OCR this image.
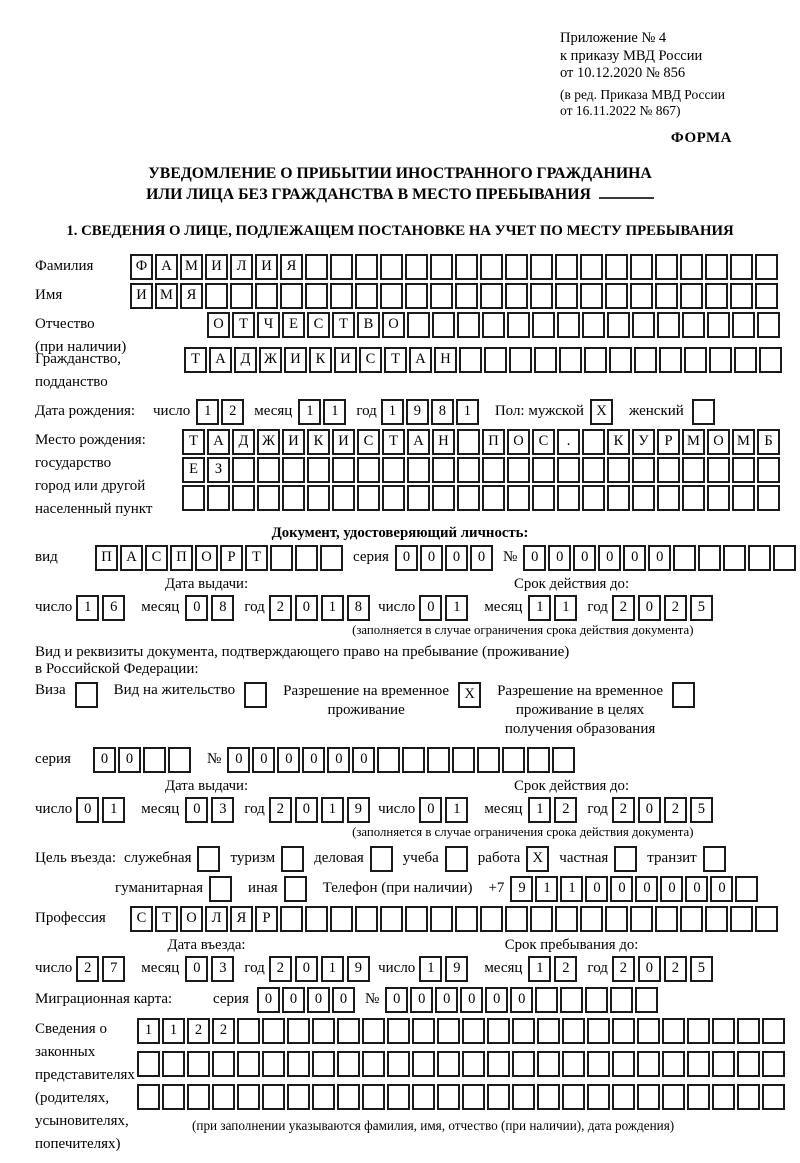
Приложение № 4
к приказу МВД России
от 10.12.2020 № 856
(в ред. Приказа МВД России
от 16.11.2022 № 867)
ФОРМА
УВЕДОМЛЕНИЕ О ПРИБЫТИИ ИНОСТРАННОГО ГРАЖДАНИНА
ИЛИ ЛИЦА БЕЗ ГРАЖДАНСТВА В МЕСТО ПРЕБЫВАНИЯ
1. СВЕДЕНИЯ О ЛИЦЕ, ПОДЛЕЖАЩЕМ ПОСТАНОВКЕ НА УЧЕТ ПО МЕСТУ ПРЕБЫВАНИЯ
Фамилия	Ф А М И	Л	И	Я
Имя	И М Я
Отчество
(при наличии)
О	Т	Ч	Е	С	Т	В	О
Гражданство,
подданство
Т	А	Д Ж И	К	И	С	Т	А	Н
Дата рождения:	число 1	2	месяц 1	1	год 1	9	8	1	Пол: мужской X	женский
Место рождения:
государство
город или другой
населенный пункт
Т	А	Д Ж И	К	И	С	Т	А	Н	П	О	С	.	К	У	Р	М О М Б
Е	З
Документ, удостоверяющий личность:
вид	П	А	С	П	О	Р	Т	серия 0	0	0	0	№ 0	0	0	0	0	0
Дата выдачи:
число 1	6	месяц 0	8	год 2	0	1	8
Срок действия до:
число 0	1	месяц 1	1	год 2	0	2	5
(заполняется в случае ограничения срока действия документа)
Вид и реквизиты документа, подтверждающего право на пребывание (проживание)
в Российской Федерации:
Виза	Вид на жительство	Разрешение на временное
проживание
X	Разрешение на временное
проживание в целях
получения образования
серия	0	0	№ 0	0	0	0	0	0
Дата выдачи:
число 0	1	месяц 0	3	год 2	0	1	9
Срок действия до:
число 0	1	месяц 1	2	год 2	0	2	5
(заполняется в случае ограничения срока действия документа)
Цель въезда: служебная	туризм	деловая	учеба	работа X	частная	транзит
гуманитарная	иная	Телефон (при наличии) +7 9	1	1	0	0	0	0	0	0
Профессия	С	Т	О	Л	Я	Р
Дата въезда:
число 2	7	месяц 0	3	год 2	0	1	9
Срок пребывания до:
число 1	9	месяц 1	2	год 2	0	2	5
Миграционная карта:	серия	0	0	0	0	№ 0	0	0	0	0	0
Сведения о
законных
представителях
(родителях,
усыновителях,
попечителях)
1	1	2	2
(при заполнении указываются фамилия, имя, отчество (при наличии), дата рождения)
